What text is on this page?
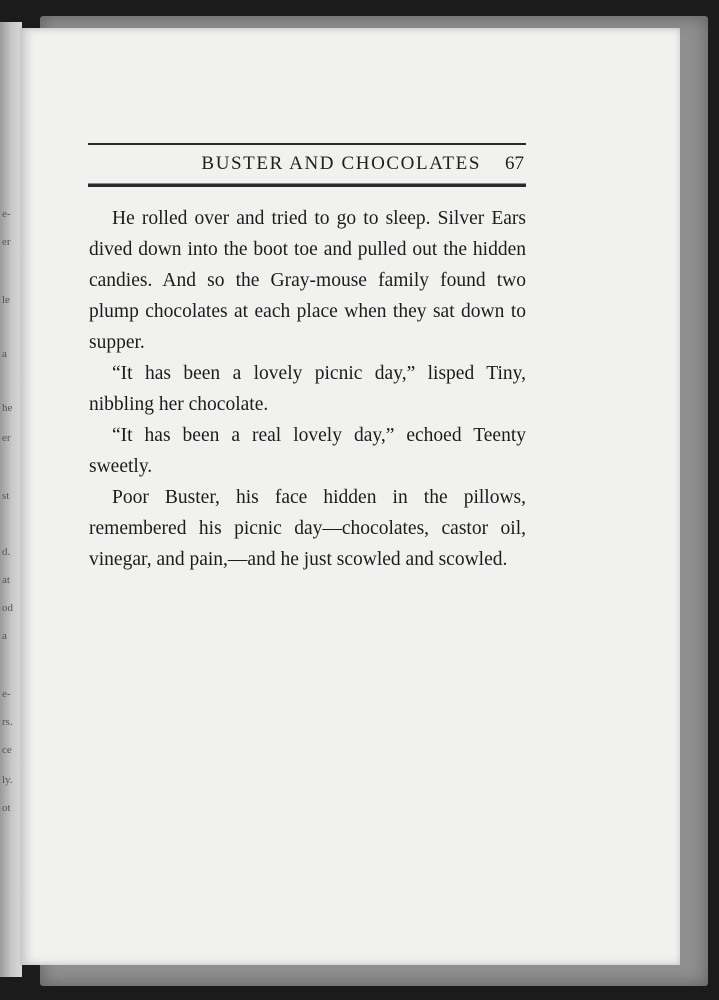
e-
er
le
a
he
er
st
d.
at
od
a
e-
rs.
ce
ly.
ot
BUSTER AND CHOCOLATES 67

He rolled over and tried to go to sleep. Silver Ears dived down into the boot toe and pulled out the hidden candies. And so the Gray-mouse family found two plump chocolates at each place when they sat down to supper.

“It has been a lovely picnic day,” lisped Tiny, nibbling her chocolate.

“It has been a real lovely day,” echoed Teenty sweetly.

Poor Buster, his face hidden in the pillows, remembered his picnic day—chocolates, castor oil, vinegar, and pain,—and he just scowled and scowled.
